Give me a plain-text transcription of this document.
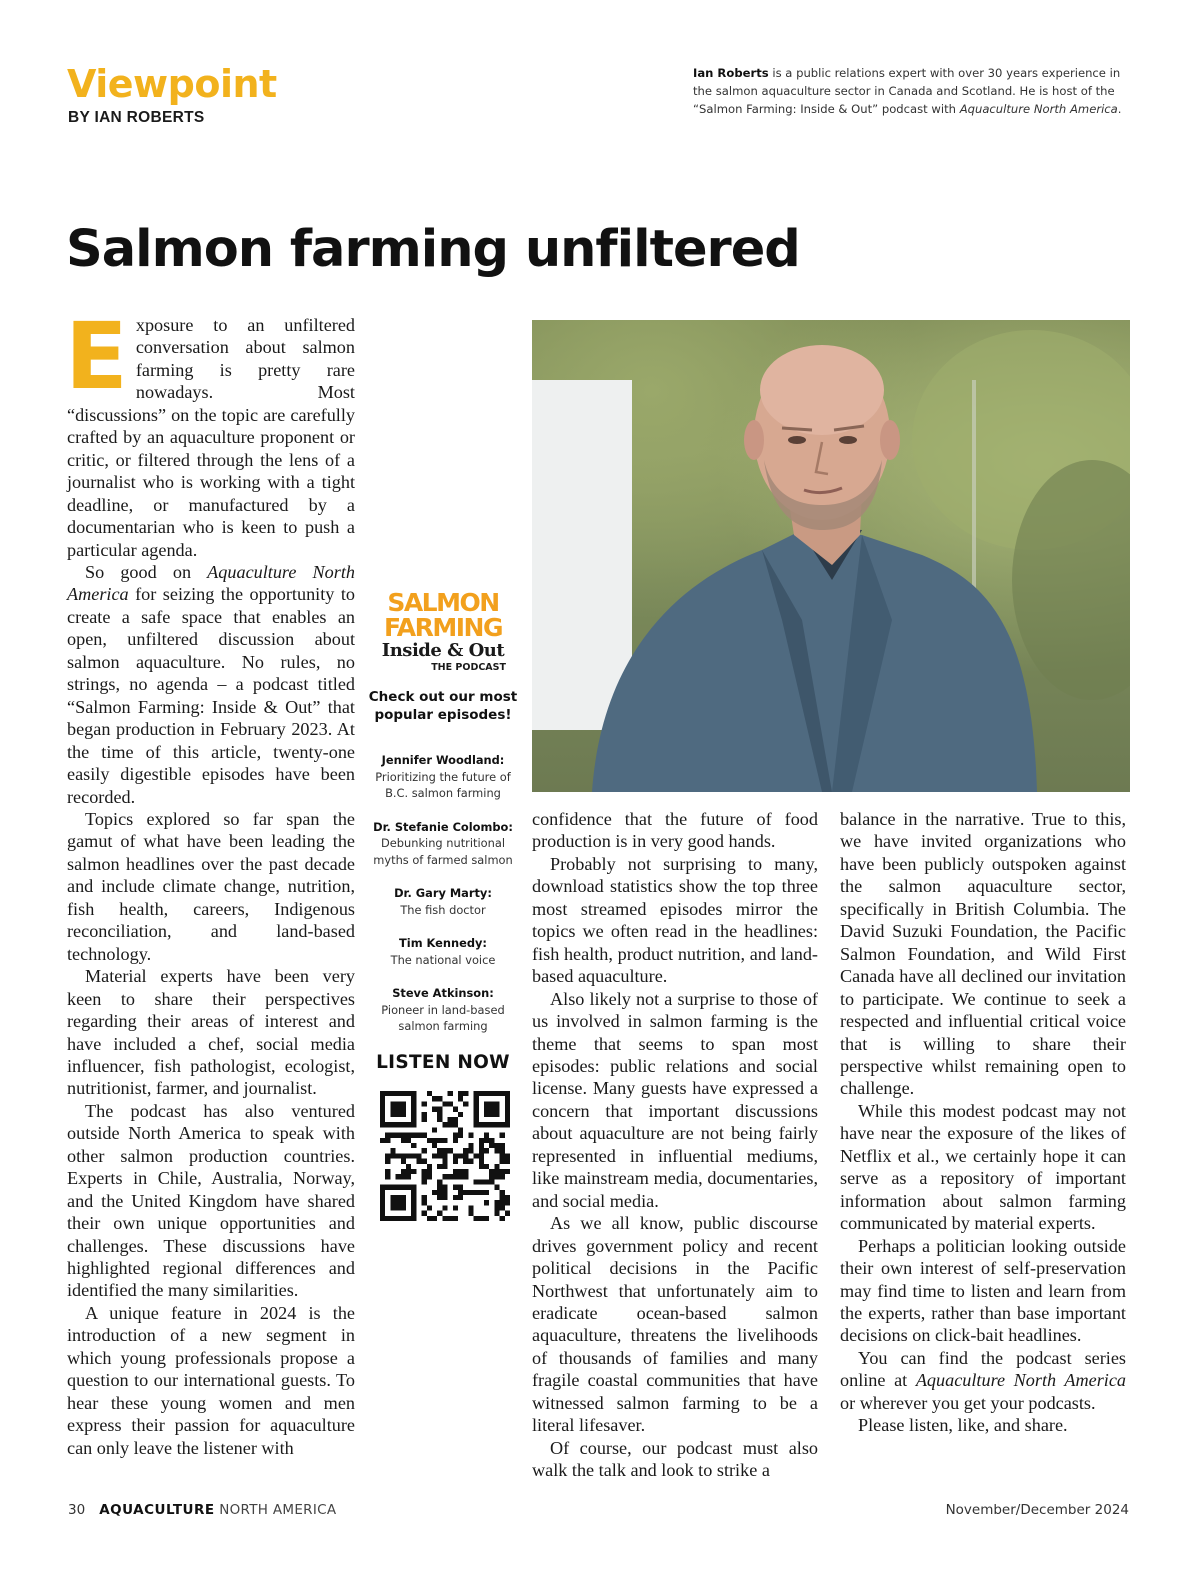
Viewpoint
BY IAN ROBERTS
Ian Roberts is a public relations expert with over 30 years experience in the salmon aquaculture sector in Canada and Scotland. He is host of the “Salmon Farming: Inside & Out” podcast with Aquaculture North America.
Salmon farming unfiltered

Exposure to an unfiltered conversation about salmon farming is pretty rare nowadays. Most “discussions” on the topic are carefully crafted by an aquaculture proponent or critic, or filtered through the lens of a journalist who is working with a tight deadline, or manufactured by a documentarian who is keen to push a particular agenda.

So good on Aquaculture North America for seizing the opportunity to create a safe space that enables an open, unfiltered discussion about salmon aquaculture. No rules, no strings, no agenda – a podcast titled “Salmon Farming: Inside & Out” that began production in February 2023. At the time of this article, twenty-one easily digestible episodes have been recorded.

Topics explored so far span the gamut of what have been leading the salmon headlines over the past decade and include climate change, nutrition, fish health, careers, Indigenous reconciliation, and land-based technology.

Material experts have been very keen to share their perspectives regarding their areas of interest and have included a chef, social media influencer, fish pathologist, ecologist, nutritionist, farmer, and journalist.

The podcast has also ventured outside North America to speak with other salmon production countries. Experts in Chile, Australia, Norway, and the United Kingdom have shared their own unique opportunities and challenges. These discussions have highlighted regional differences and identified the many similarities.

A unique feature in 2024 is the introduction of a new segment in which young professionals propose a question to our international guests. To hear these young women and men express their passion for aquaculture can only leave the listener with

SALMON
FARMING
Inside & Out
THE PODCAST
Check out our most popular episodes!
Jennifer Woodland:
Prioritizing the future of B.C. salmon farming
Dr. Stefanie Colombo:
Debunking nutritional myths of farmed salmon
Dr. Gary Marty:
The fish doctor
Tim Kennedy:
The national voice
Steve Atkinson:
Pioneer in land-based salmon farming
LISTEN NOW

confidence that the future of food production is in very good hands.

Probably not surprising to many, download statistics show the top three most streamed episodes mirror the topics we often read in the headlines: fish health, product nutrition, and land-based aquaculture.

Also likely not a surprise to those of us involved in salmon farming is the theme that seems to span most episodes: public relations and social license. Many guests have expressed a concern that important discussions about aquaculture are not being fairly represented in influential mediums, like mainstream media, documentaries, and social media.

As we all know, public discourse drives government policy and recent political decisions in the Pacific Northwest that unfortunately aim to eradicate ocean-based salmon aquaculture, threatens the livelihoods of thousands of families and many fragile coastal communities that have witnessed salmon farming to be a literal lifesaver.

Of course, our podcast must also walk the talk and look to strike a

balance in the narrative. True to this, we have invited organizations who have been publicly outspoken against the salmon aquaculture sector, specifically in British Columbia. The David Suzuki Foundation, the Pacific Salmon Foundation, and Wild First Canada have all declined our invitation to participate. We continue to seek a respected and influential critical voice that is willing to share their perspective whilst remaining open to challenge.

While this modest podcast may not have near the exposure of the likes of Netflix et al., we certainly hope it can serve as a repository of important information about salmon farming communicated by material experts.

Perhaps a politician looking outside their own interest of self-preservation may find time to listen and learn from the experts, rather than base important decisions on click-bait headlines.

You can find the podcast series online at Aquaculture North America or wherever you get your podcasts.

Please listen, like, and share.

30 AQUACULTURE NORTH AMERICA	November/December 2024
